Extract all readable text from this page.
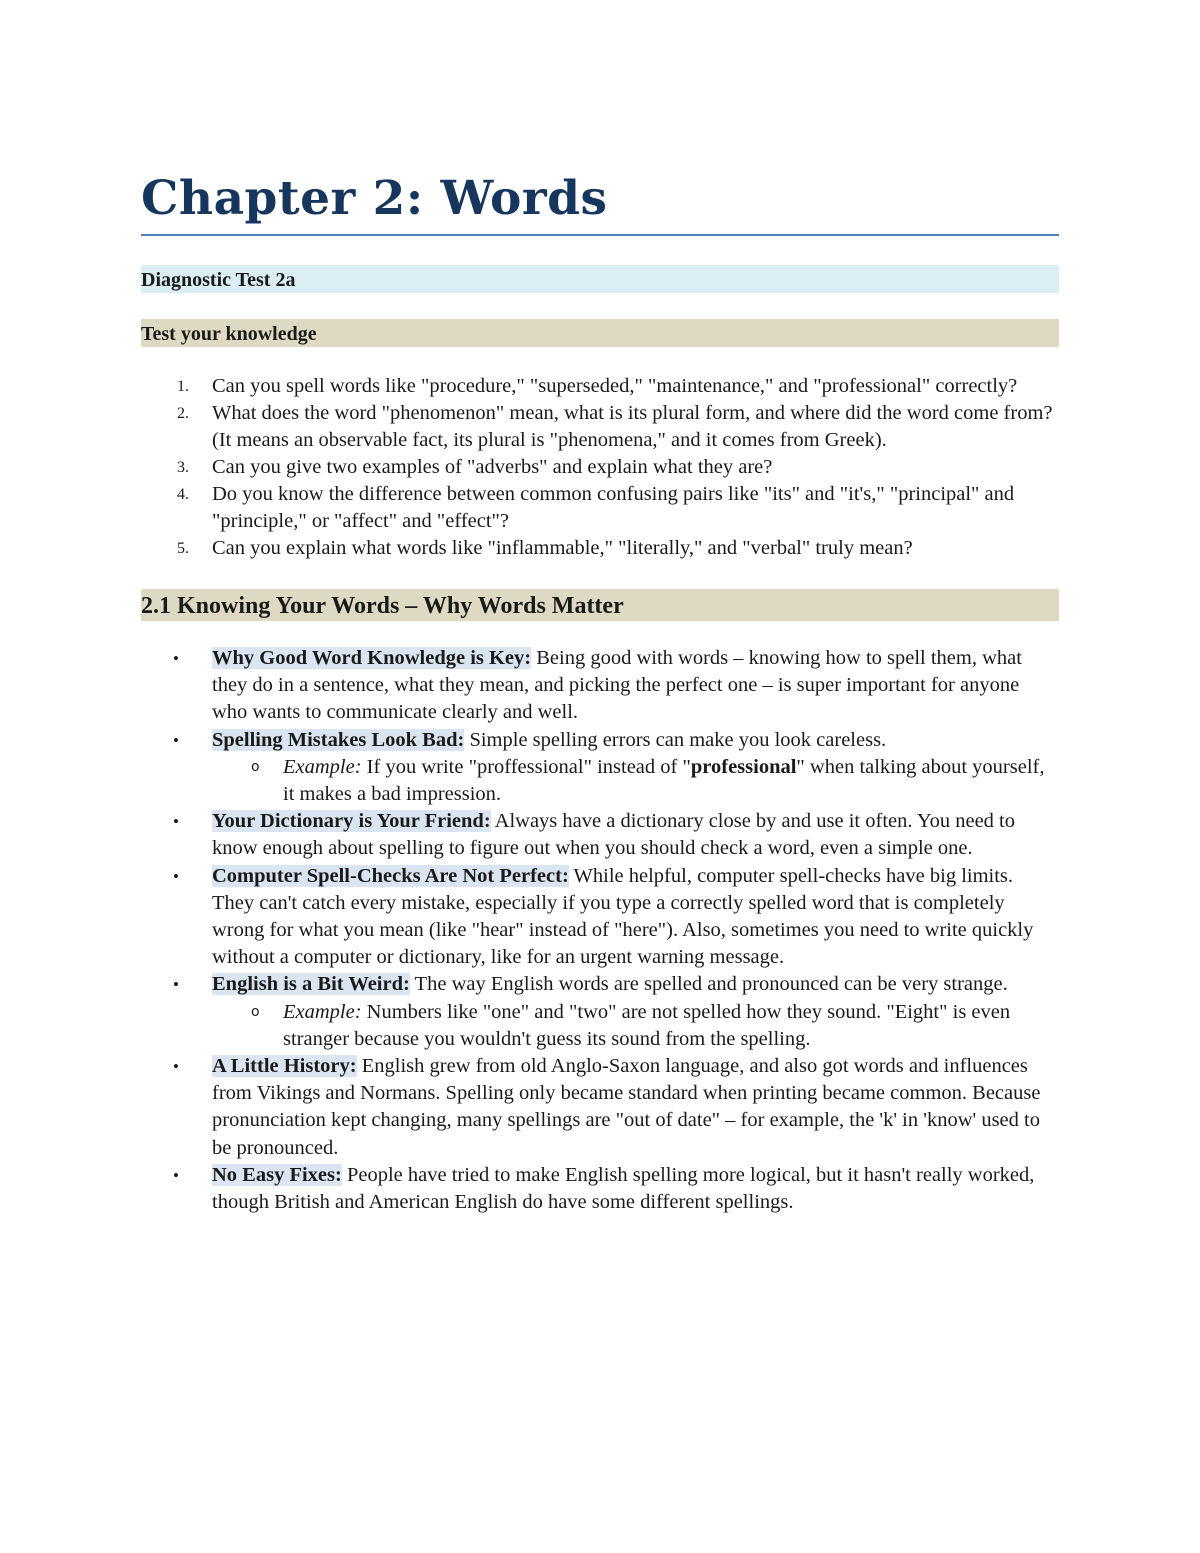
Chapter 2: Words
Diagnostic Test 2a
Test your knowledge
1. Can you spell words like "procedure," "superseded," "maintenance," and "professional" correctly?
2. What does the word "phenomenon" mean, what is its plural form, and where did the word come from? (It means an observable fact, its plural is "phenomena," and it comes from Greek).
3. Can you give two examples of "adverbs" and explain what they are?
4. Do you know the difference between common confusing pairs like "its" and "it's," "principal" and "principle," or "affect" and "effect"?
5. Can you explain what words like "inflammable," "literally," and "verbal" truly mean?
2.1 Knowing Your Words – Why Words Matter
• Why Good Word Knowledge is Key: Being good with words – knowing how to spell them, what they do in a sentence, what they mean, and picking the perfect one – is super important for anyone who wants to communicate clearly and well.
• Spelling Mistakes Look Bad: Simple spelling errors can make you look careless.
o	Example: If you write "proffessional" instead of "professional" when talking about yourself, it makes a bad impression.
• Your Dictionary is Your Friend: Always have a dictionary close by and use it often. You need to know enough about spelling to figure out when you should check a word, even a simple one.
• Computer Spell-Checks Are Not Perfect: While helpful, computer spell-checks have big limits. They can't catch every mistake, especially if you type a correctly spelled word that is completely wrong for what you mean (like "hear" instead of "here"). Also, sometimes you need to write quickly without a computer or dictionary, like for an urgent warning message.
• English is a Bit Weird: The way English words are spelled and pronounced can be very strange.
o	Example: Numbers like "one" and "two" are not spelled how they sound. "Eight" is even stranger because you wouldn't guess its sound from the spelling.
• A Little History: English grew from old Anglo-Saxon language, and also got words and influences from Vikings and Normans. Spelling only became standard when printing became common. Because pronunciation kept changing, many spellings are "out of date" – for example, the 'k' in 'know' used to be pronounced.
• No Easy Fixes: People have tried to make English spelling more logical, but it hasn't really worked, though British and American English do have some different spellings.
